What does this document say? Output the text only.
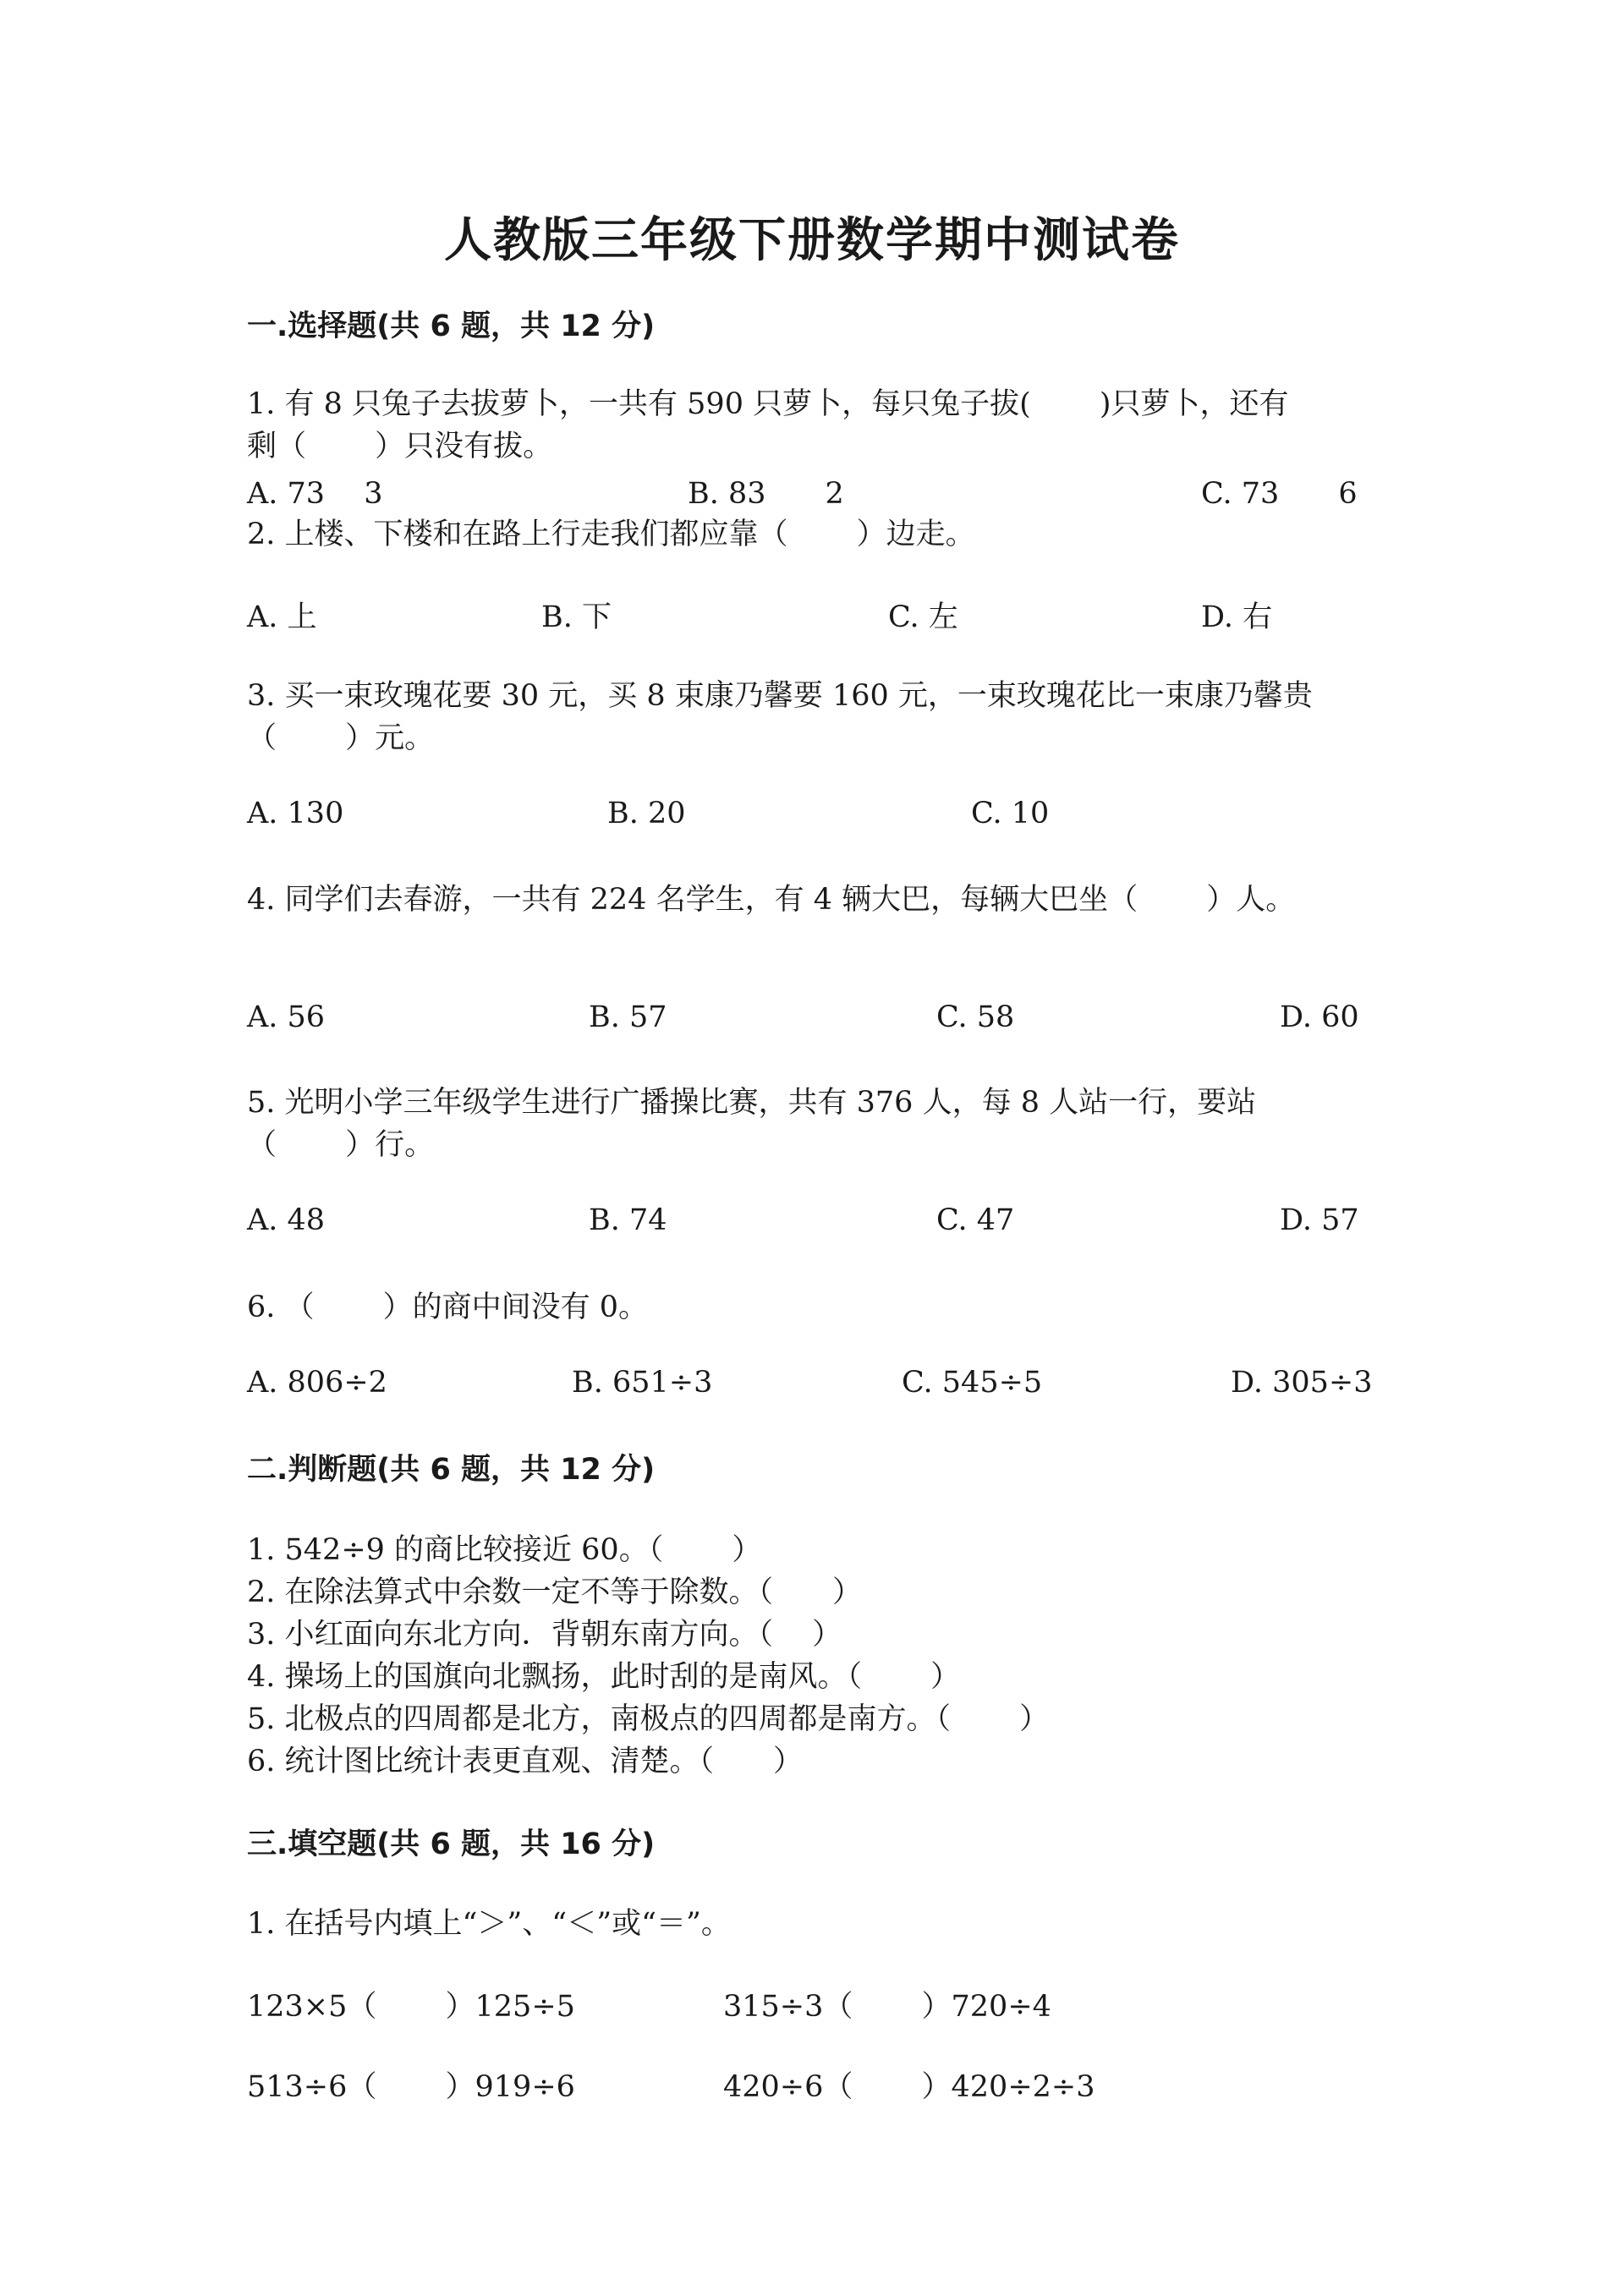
人教版三年级下册数学期中测试卷
一.选择题(共 6 题，共 12 分)
1. 有 8 只兔子去拔萝卜，一共有 590 只萝卜，每只兔子拔(　　 )只萝卜，还有
剩（　　 ）只没有拔。
A. 73　 3	B. 83　　2	C. 73　　6
2. 上楼、下楼和在路上行走我们都应靠（　　 ）边走。
A. 上	B. 下	C. 左	D. 右
3. 买一束玫瑰花要 30 元，买 8 束康乃馨要 160 元，一束玫瑰花比一束康乃馨贵
（　　 ）元。
A. 130	B. 20	C. 10
4. 同学们去春游，一共有 224 名学生，有 4 辆大巴，每辆大巴坐（　　 ）人。
A. 56	B. 57	C. 58	D. 60
5. 光明小学三年级学生进行广播操比赛，共有 376 人，每 8 人站一行，要站
（　　 ）行。
A. 48	B. 74	C. 47	D. 57
6. （　　 ）的商中间没有 0。
A. 806÷2	B. 651÷3	C. 545÷5	D. 305÷3
二.判断题(共 6 题，共 12 分)
1. 542÷9 的商比较接近 60。（　　 ）
2. 在除法算式中余数一定不等于除数。（　　）
3. 小红面向东北方向．背朝东南方向。（　 ）
4. 操场上的国旗向北飘扬，此时刮的是南风。（　　 ）
5. 北极点的四周都是北方，南极点的四周都是南方。（　　 ）
6. 统计图比统计表更直观、清楚。（　　）
三.填空题(共 6 题，共 16 分)
1. 在括号内填上“＞”、“＜”或“＝”。
123×5（　　 ）125÷5	315÷3（　　 ）720÷4
513÷6（　　 ）919÷6	420÷6（　　 ）420÷2÷3
